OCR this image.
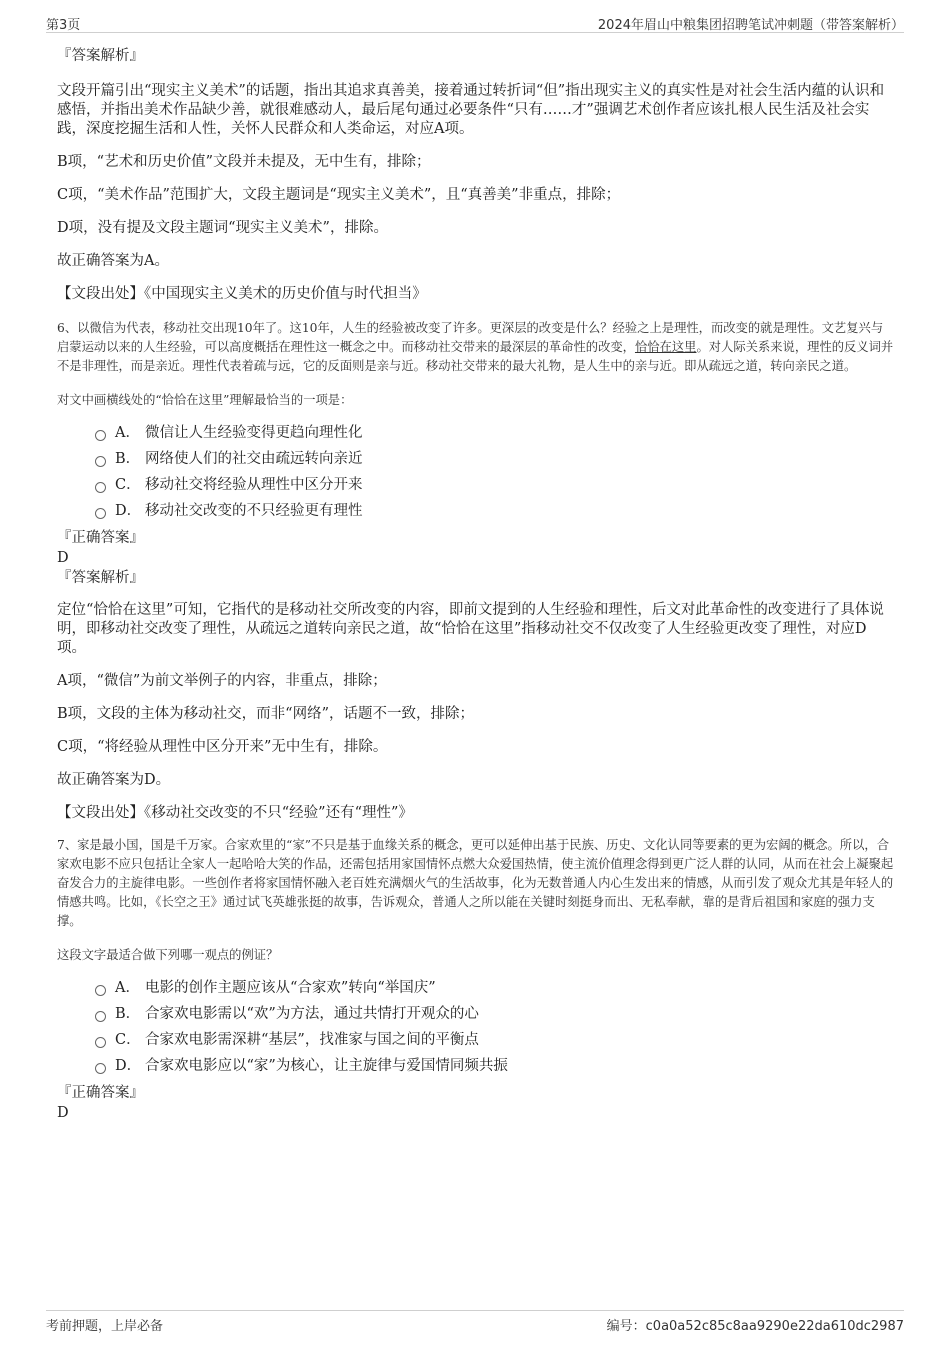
第3页	2024年眉山中粮集团招聘笔试冲刺题（带答案解析）

『答案解析』

文段开篇引出“现实主义美术”的话题，指出其追求真善美，接着通过转折词“但”指出现实主义的真实性是对社会生活内蕴的认识和感悟，并指出美术作品缺少善，就很难感动人，最后尾句通过必要条件“只有……才”强调艺术创作者应该扎根人民生活及社会实践，深度挖掘生活和人性，关怀人民群众和人类命运，对应A项。

B项，“艺术和历史价值”文段并未提及，无中生有，排除；

C项，“美术作品”范围扩大，文段主题词是“现实主义美术”，且“真善美”非重点，排除；

D项，没有提及文段主题词“现实主义美术”，排除。

故正确答案为A。

【文段出处】《中国现实主义美术的历史价值与时代担当》

6、以微信为代表，移动社交出现10年了。这10年，人生的经验被改变了许多。更深层的改变是什么？经验之上是理性，而改变的就是理性。文艺复兴与启蒙运动以来的人生经验，可以高度概括在理性这一概念之中。而移动社交带来的最深层的革命性的改变，恰恰在这里。对人际关系来说，理性的反义词并不是非理性，而是亲近。理性代表着疏与远，它的反面则是亲与近。移动社交带来的最大礼物，是人生中的亲与近。即从疏远之道，转向亲民之道。

对文中画横线处的“恰恰在这里”理解最恰当的一项是：

A． 微信让人生经验变得更趋向理性化
B． 网络使人们的社交由疏远转向亲近
C． 移动社交将经验从理性中区分开来
D． 移动社交改变的不只经验更有理性

『正确答案』

D

『答案解析』

定位“恰恰在这里”可知，它指代的是移动社交所改变的内容，即前文提到的人生经验和理性，后文对此革命性的改变进行了具体说明，即移动社交改变了理性，从疏远之道转向亲民之道，故“恰恰在这里”指移动社交不仅改变了人生经验更改变了理性，对应D项。

A项，“微信”为前文举例子的内容，非重点，排除；

B项，文段的主体为移动社交，而非“网络”，话题不一致，排除；

C项，“将经验从理性中区分开来”无中生有，排除。

故正确答案为D。

【文段出处】《移动社交改变的不只“经验”还有“理性”》

7、家是最小国，国是千万家。合家欢里的“家”不只是基于血缘关系的概念，更可以延伸出基于民族、历史、文化认同等要素的更为宏阔的概念。所以，合家欢电影不应只包括让全家人一起哈哈大笑的作品，还需包括用家国情怀点燃大众爱国热情，使主流价值理念得到更广泛人群的认同，从而在社会上凝聚起奋发合力的主旋律电影。一些创作者将家国情怀融入老百姓充满烟火气的生活故事，化为无数普通人内心生发出来的情感，从而引发了观众尤其是年轻人的情感共鸣。比如，《长空之王》通过试飞英雄张挺的故事，告诉观众，普通人之所以能在关键时刻挺身而出、无私奉献，靠的是背后祖国和家庭的强力支撑。

这段文字最适合做下列哪一观点的例证？

A． 电影的创作主题应该从“合家欢”转向“举国庆”
B． 合家欢电影需以“欢”为方法，通过共情打开观众的心
C． 合家欢电影需深耕“基层”，找准家与国之间的平衡点
D． 合家欢电影应以“家”为核心，让主旋律与爱国情同频共振

『正确答案』

D

考前押题，上岸必备	编号：c0a0a52c85c8aa9290e22da610dc2987
